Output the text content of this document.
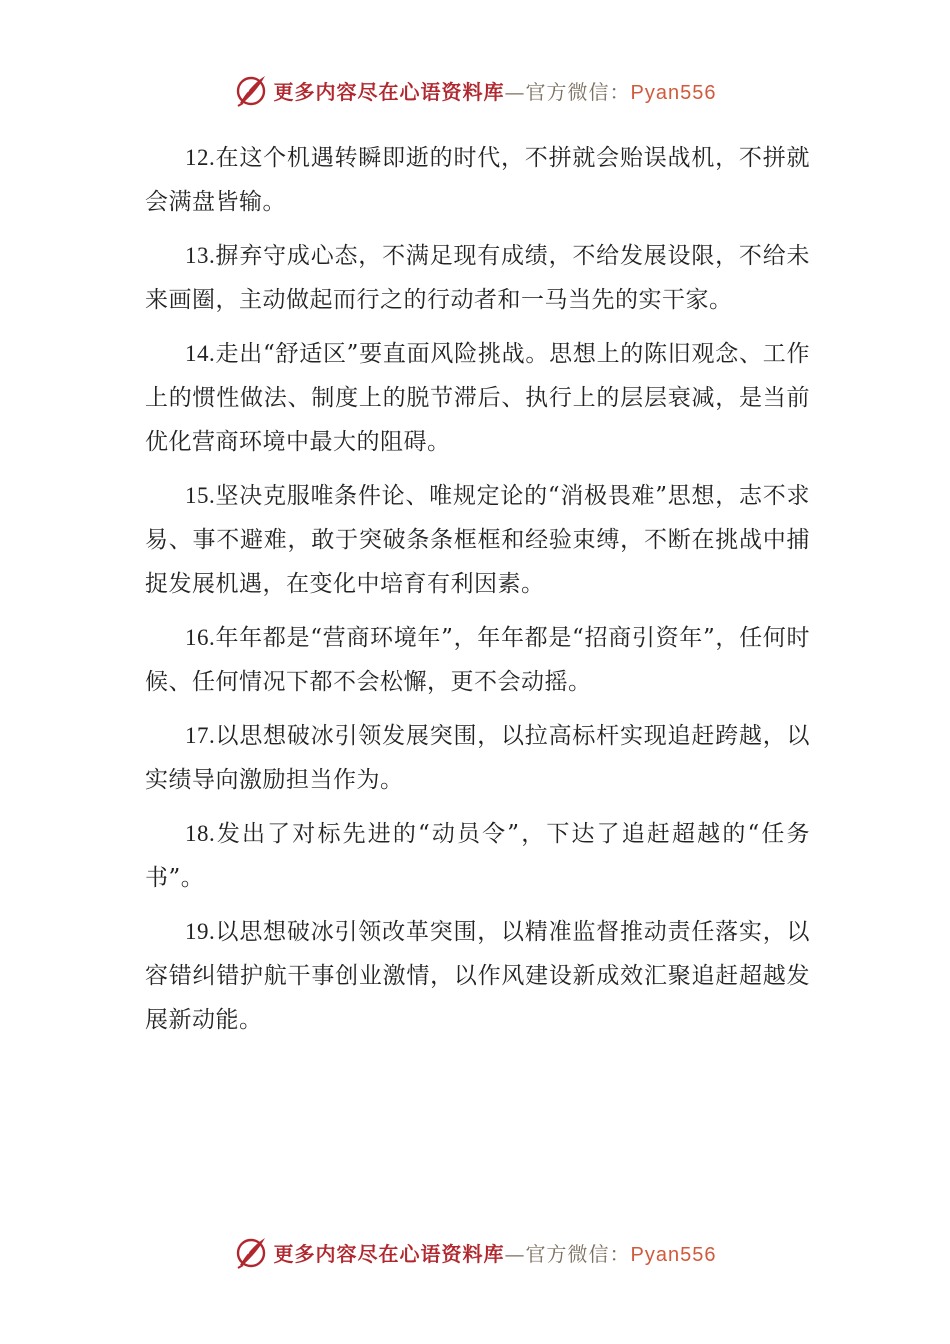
更多内容尽在心语资料库—官方微信：Pyan556

12.在这个机遇转瞬即逝的时代，不拼就会贻误战机，不拼就会满盘皆输。

13.摒弃守成心态，不满足现有成绩，不给发展设限，不给未来画圈，主动做起而行之的行动者和一马当先的实干家。

14.走出“舒适区”要直面风险挑战。思想上的陈旧观念、工作上的惯性做法、制度上的脱节滞后、执行上的层层衰减，是当前优化营商环境中最大的阻碍。

15.坚决克服唯条件论、唯规定论的“消极畏难”思想，志不求易、事不避难，敢于突破条条框框和经验束缚，不断在挑战中捕捉发展机遇，在变化中培育有利因素。

16.年年都是“营商环境年”，年年都是“招商引资年”，任何时候、任何情况下都不会松懈，更不会动摇。

17.以思想破冰引领发展突围，以拉高标杆实现追赶跨越，以实绩导向激励担当作为。

18.发出了对标先进的“动员令”，下达了追赶超越的“任务书”。

19.以思想破冰引领改革突围，以精准监督推动责任落实，以容错纠错护航干事创业激情，以作风建设新成效汇聚追赶超越发展新动能。

更多内容尽在心语资料库—官方微信：Pyan556
